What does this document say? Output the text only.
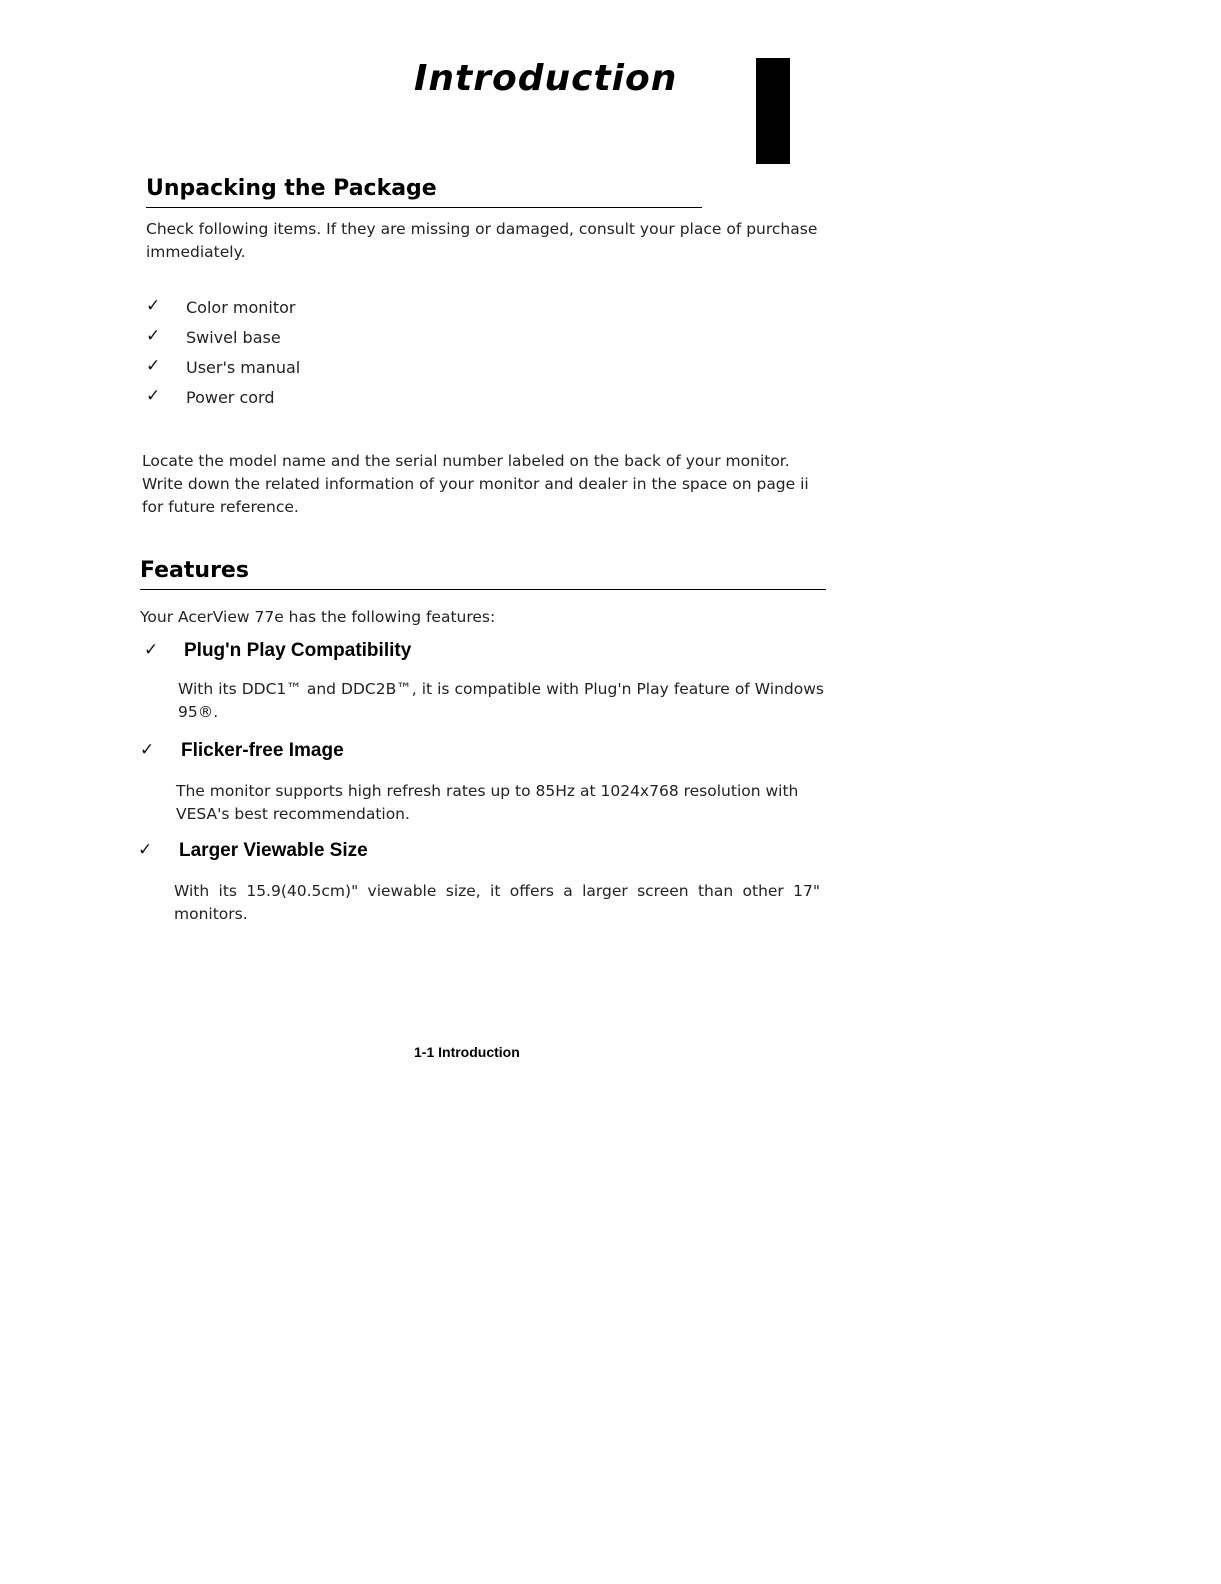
Introduction
Unpacking the Package
Check following items. If they are missing or damaged, consult your place of purchase immediately.
✓ Color monitor
✓ Swivel base
✓ User's manual
✓ Power cord
Locate the model name and the serial number labeled on the back of your monitor. Write down the related information of your monitor and dealer in the space on page ii for future reference.
Features
Your AcerView 77e has the following features:
✓ Plug'n Play Compatibility
With its DDC1™ and DDC2B™, it is compatible with Plug'n Play feature of Windows 95®.
✓ Flicker-free Image
The monitor supports high refresh rates up to 85Hz at 1024x768 resolution with VESA's best recommendation.
✓ Larger Viewable Size
With its 15.9(40.5cm)" viewable size, it offers a larger screen than other 17" monitors.
1-1 Introduction
